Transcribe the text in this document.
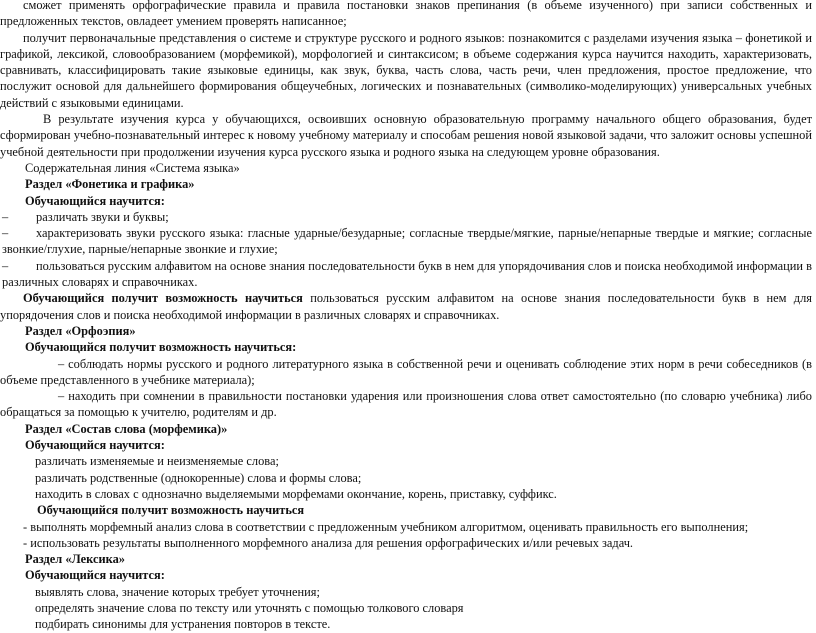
сможет применять орфографические правила и правила постановки знаков препинания (в объеме изученного) при записи собственных и предложенных текстов, овладеет умением проверять написанное;

получит первоначальные представления о системе и структуре русского и родного языков: познакомится с разделами изучения языка – фонетикой и графикой, лексикой, словообразованием (морфемикой), морфологией и синтаксисом; в объеме содержания курса научится находить, характеризовать, сравнивать, классифицировать такие языковые единицы, как звук, буква, часть слова, часть речи, член предложения, простое предложение, что послужит основой для дальнейшего формирования общеучебных, логических и познавательных (символико-моделирующих) универсальных учебных действий с языковыми единицами.

В результате изучения курса у обучающихся, освоивших основную образовательную программу начального общего образования, будет сформирован учебно-познавательный интерес к новому учебному материалу и способам решения новой языковой задачи, что заложит основы успешной учебной деятельности при продолжении изучения курса русского языка и родного языка на следующем уровне образования.

Содержательная линия «Система языка»

Раздел «Фонетика и графика»

Обучающийся научится:

– различать звуки и буквы;

– характеризовать звуки русского языка: гласные ударные/безударные; согласные твердые/мягкие, парные/непарные твердые и мягкие; согласные звонкие/глухие, парные/непарные звонкие и глухие;

– пользоваться русским алфавитом на основе знания последовательности букв в нем для упорядочивания слов и поиска необходимой информации в различных словарях и справочниках.

Обучающийся получит возможность научиться пользоваться русским алфавитом на основе знания последовательности букв в нем для упорядочения слов и поиска необходимой информации в различных словарях и справочниках.

Раздел «Орфоэпия»

Обучающийся получит возможность научиться:

– соблюдать нормы русского и родного литературного языка в собственной речи и оценивать соблюдение этих норм в речи собеседников (в объеме представленного в учебнике материала);

– находить при сомнении в правильности постановки ударения или произношения слова ответ самостоятельно (по словарю учебника) либо обращаться за помощью к учителю, родителям и др.

Раздел «Состав слова (морфемика)»

Обучающийся научится:

различать изменяемые и неизменяемые слова;

различать родственные (однокоренные) слова и формы слова;

находить в словах с однозначно выделяемыми морфемами окончание, корень, приставку, суффикс.

Обучающийся получит возможность научиться

- выполнять морфемный анализ слова в соответствии с предложенным учебником алгоритмом, оценивать правильность его выполнения;

- использовать результаты выполненного морфемного анализа для решения орфографических и/или речевых задач.

Раздел «Лексика»

Обучающийся научится:

выявлять слова, значение которых требует уточнения;

определять значение слова по тексту или уточнять с помощью толкового словаря

подбирать синонимы для устранения повторов в тексте.
